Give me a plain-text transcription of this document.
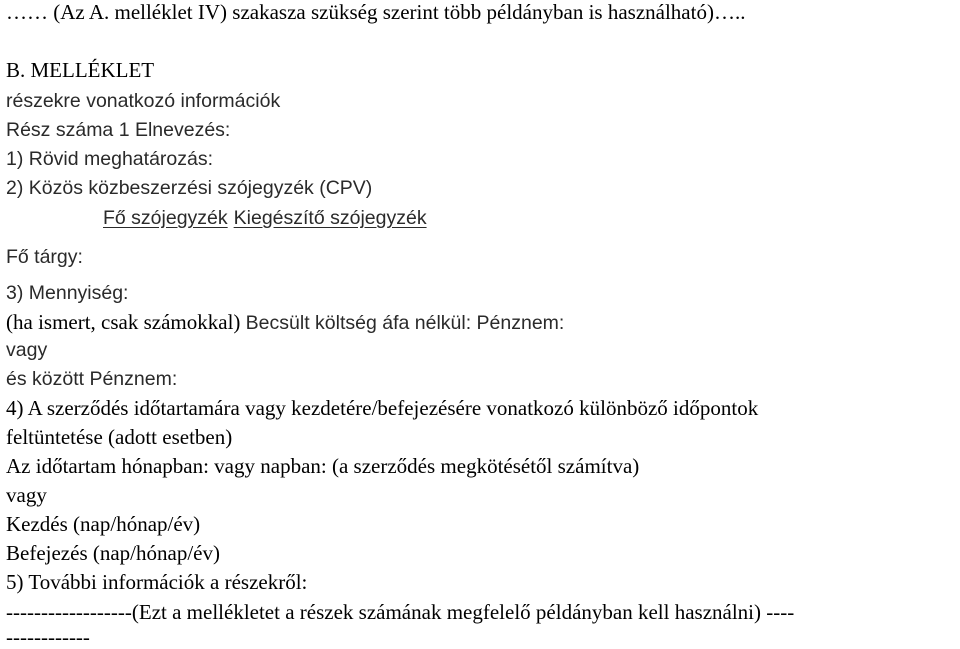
…… (Az A. melléklet IV) szakasza szükség szerint több példányban is használható)…..
B. MELLÉKLET
részekre vonatkozó információk
Rész száma 1 Elnevezés:
1) Rövid meghatározás:
2) Közös közbeszerzési szójegyzék (CPV)
Fő szójegyzék Kiegészítő szójegyzék
Fő tárgy:
3) Mennyiség:
(ha ismert, csak számokkal) Becsült költség áfa nélkül: Pénznem:
vagy
és között Pénznem:
4) A szerződés időtartamára vagy kezdetére/befejezésére vonatkozó különböző időpontok
feltüntetése (adott esetben)
Az időtartam hónapban: vagy napban: (a szerződés megkötésétől számítva)
vagy
Kezdés (nap/hónap/év)
Befejezés (nap/hónap/év)
5) További információk a részekről:
------------------(Ezt a mellékletet a részek számának megfelelő példányban kell használni) ----
------------
